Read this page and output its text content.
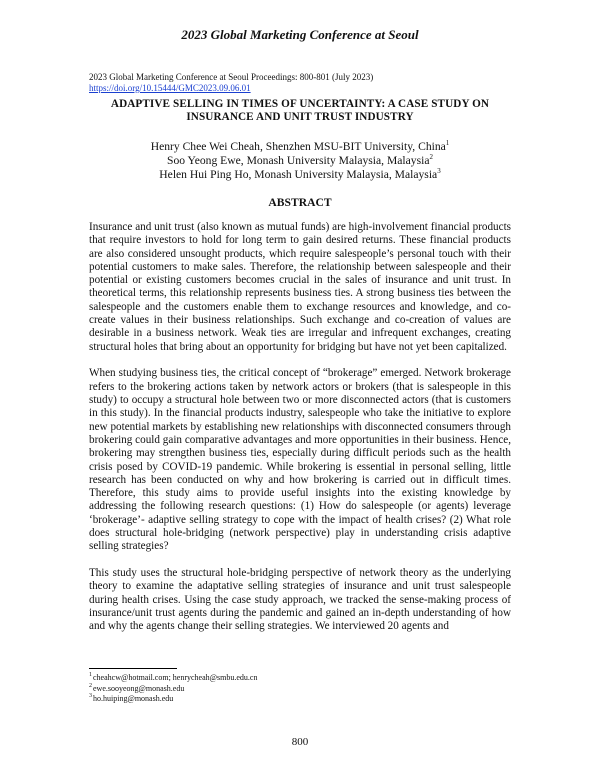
2023 Global Marketing Conference at Seoul
2023 Global Marketing Conference at Seoul Proceedings: 800-801 (July 2023)
https://doi.org/10.15444/GMC2023.09.06.01
ADAPTIVE SELLING IN TIMES OF UNCERTAINTY: A CASE STUDY ON
INSURANCE AND UNIT TRUST INDUSTRY
Henry Chee Wei Cheah, Shenzhen MSU-BIT University, China$^1$
Soo Yeong Ewe, Monash University Malaysia, Malaysia$^2$
Helen Hui Ping Ho, Monash University Malaysia, Malaysia$^3$
ABSTRACT

Insurance and unit trust (also known as mutual funds) are high-involvement financial products that require investors to hold for long term to gain desired returns. These financial products are also considered unsought products, which require salespeople’s personal touch with their potential customers to make sales. Therefore, the relationship between salespeople and their potential or existing customers becomes crucial in the sales of insurance and unit trust. In theoretical terms, this relationship represents business ties. A strong business ties between the salespeople and the customers enable them to exchange resources and knowledge, and co-create values in their business relationships. Such exchange and co-creation of values are desirable in a business network. Weak ties are irregular and infrequent exchanges, creating structural holes that bring about an opportunity for bridging but have not yet been capitalized.

When studying business ties, the critical concept of “brokerage” emerged. Network brokerage refers to the brokering actions taken by network actors or brokers (that is salespeople in this study) to occupy a structural hole between two or more disconnected actors (that is customers in this study). In the financial products industry, salespeople who take the initiative to explore new potential markets by establishing new relationships with disconnected consumers through brokering could gain comparative advantages and more opportunities in their business. Hence, brokering may strengthen business ties, especially during difficult periods such as the health crisis posed by COVID-19 pandemic. While brokering is essential in personal selling, little research has been conducted on why and how brokering is carried out in difficult times. Therefore, this study aims to provide useful insights into the existing knowledge by addressing the following research questions: (1) How do salespeople (or agents) leverage ‘brokerage’- adaptive selling strategy to cope with the impact of health crises? (2) What role does structural hole-bridging (network perspective) play in understanding crisis adaptive selling strategies?

This study uses the structural hole-bridging perspective of network theory as the underlying theory to examine the adaptative selling strategies of insurance and unit trust salespeople during health crises. Using the case study approach, we tracked the sense-making process of insurance/unit trust agents during the pandemic and gained an in-depth understanding of how and why the agents change their selling strategies. We interviewed 20 agents and

$^1$cheahcw@hotmail.com; henrycheah@smbu.edu.cn
$^2$ewe.sooyeong@monash.edu
$^3$ho.huiping@monash.edu
800
